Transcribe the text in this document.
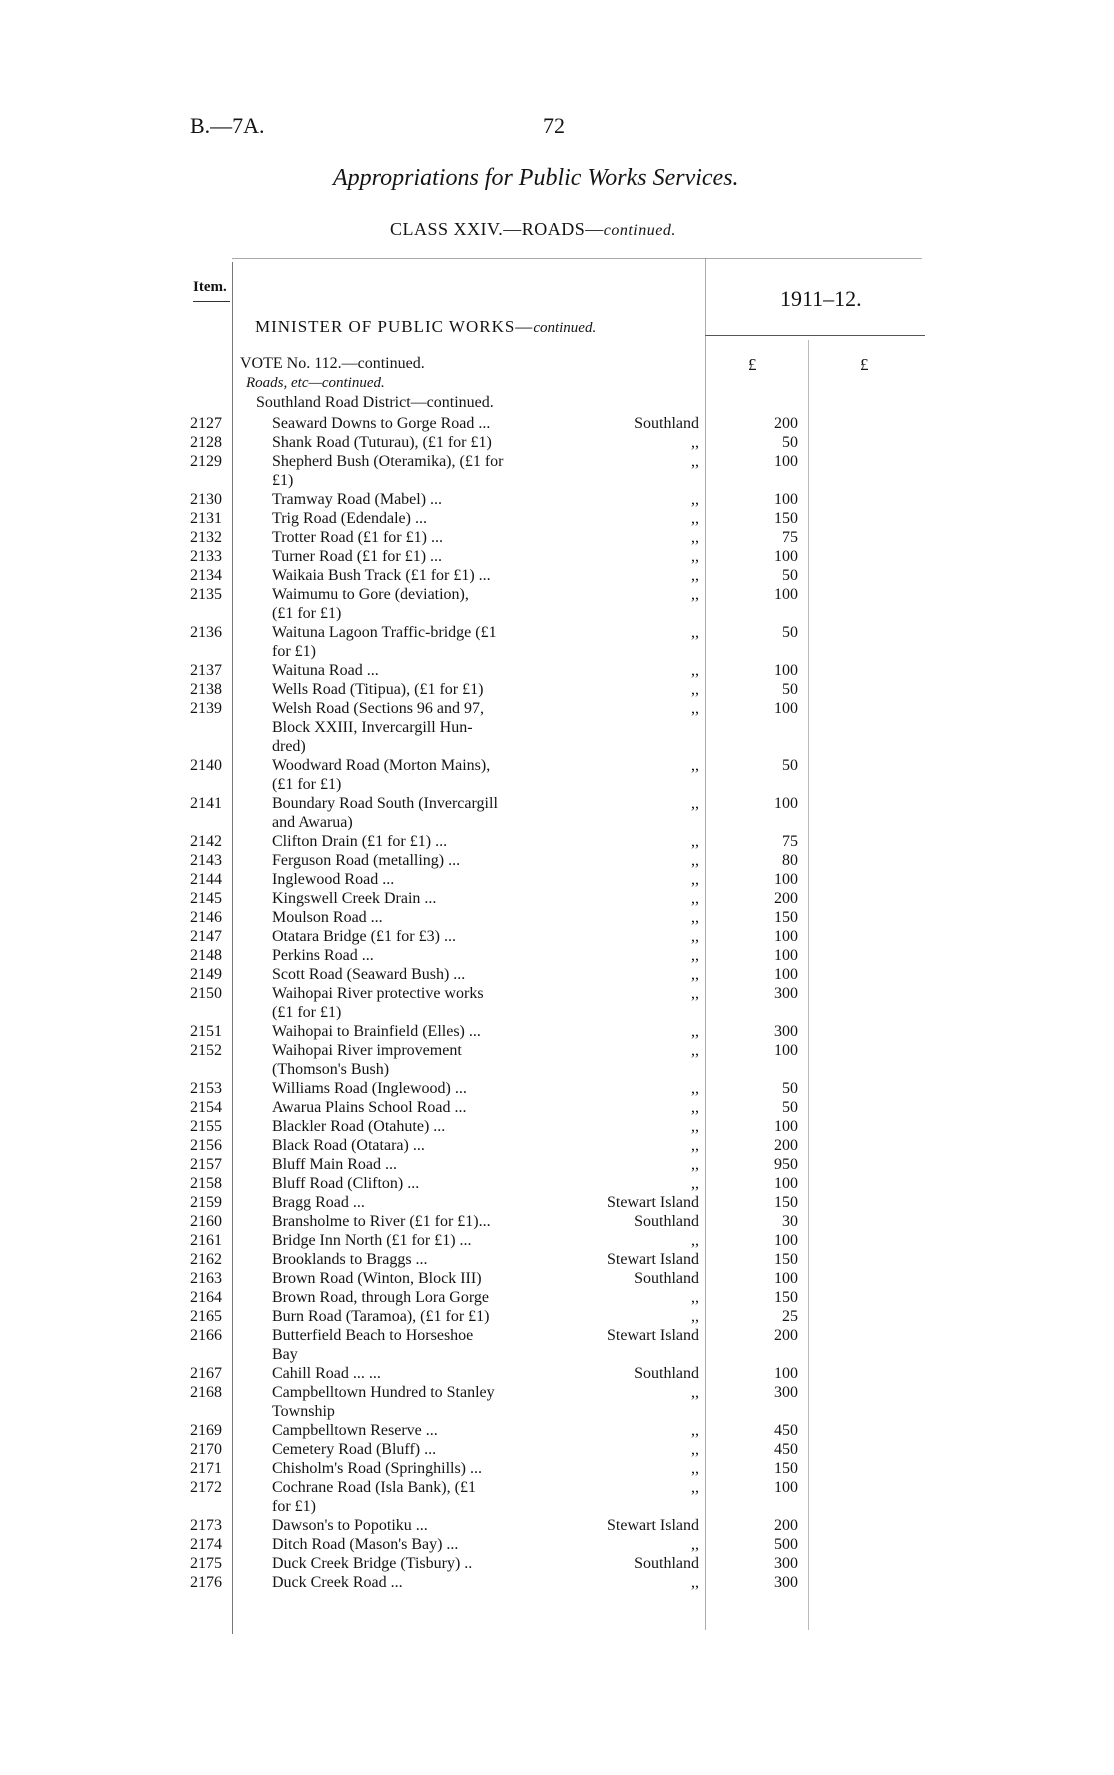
B.—7A.	72
Appropriations for Public Works Services.
CLASS XXIV.—ROADS—continued.
Item.	1911–12.
MINISTER OF PUBLIC WORKS—continued.
VOTE No. 112.—continued.	£	£
Roads, etc—continued.
Southland Road District—continued.
2127	Seaward Downs to Gorge Road ...	Southland	200
2128	Shank Road (Tuturau), (£1 for £1)	,,	50
2129	Shepherd Bush (Oteramika), (£1 for
£1)
,,	100
2130	Tramway Road (Mabel) ...	,,	100
2131	Trig Road (Edendale) ...	,,	150
2132	Trotter Road (£1 for £1) ...	,,	75
2133	Turner Road (£1 for £1) ...	,,	100
2134	Waikaia Bush Track (£1 for £1) ...	,,	50
2135	Waimumu to Gore (deviation),
(£1 for £1)
,,	100
2136	Waituna Lagoon Traffic-bridge (£1
for £1)
,,	50
2137	Waituna Road ...	,,	100
2138	Wells Road (Titipua), (£1 for £1)	,,	50
2139	Welsh Road (Sections 96 and 97,
Block XXIII, Invercargill Hun-
dred)
,,	100
2140	Woodward Road (Morton Mains),
(£1 for £1)
,,	50
2141	Boundary Road South (Invercargill
and Awarua)
,,	100
2142	Clifton Drain (£1 for £1) ...	,,	75
2143	Ferguson Road (metalling) ...	,,	80
2144	Inglewood Road ...	,,	100
2145	Kingswell Creek Drain ...	,,	200
2146	Moulson Road ...	,,	150
2147	Otatara Bridge (£1 for £3) ...	,,	100
2148	Perkins Road ...	,,	100
2149	Scott Road (Seaward Bush) ...	,,	100
2150	Waihopai River protective works
(£1 for £1)
,,	300
2151	Waihopai to Brainfield (Elles) ...	,,	300
2152	Waihopai River improvement
(Thomson's Bush)
,,	100
2153	Williams Road (Inglewood) ...	,,	50
2154	Awarua Plains School Road ...	,,	50
2155	Blackler Road (Otahute) ...	,,	100
2156	Black Road (Otatara) ...	,,	200
2157	Bluff Main Road ...	,,	950
2158	Bluff Road (Clifton) ...	,,	100
2159	Bragg Road ...	Stewart Island	150
2160	Bransholme to River (£1 for £1)...	Southland	30
2161	Bridge Inn North (£1 for £1) ...	,,	100
2162	Brooklands to Braggs ...	Stewart Island	150
2163	Brown Road (Winton, Block III)	Southland	100
2164	Brown Road, through Lora Gorge	,,	150
2165	Burn Road (Taramoa), (£1 for £1)	,,	25
2166	Butterfield Beach to Horseshoe
Bay
Stewart Island	200
2167	Cahill Road ... ...	Southland	100
2168	Campbelltown Hundred to Stanley
Township
,,	300
2169	Campbelltown Reserve ...	,,	450
2170	Cemetery Road (Bluff) ...	,,	450
2171	Chisholm's Road (Springhills) ...	,,	150
2172	Cochrane Road (Isla Bank), (£1
for £1)
,,	100
2173	Dawson's to Popotiku ...	Stewart Island	200
2174	Ditch Road (Mason's Bay) ...	,,	500
2175	Duck Creek Bridge (Tisbury) ..	Southland	300
2176	Duck Creek Road ...	,,	300
